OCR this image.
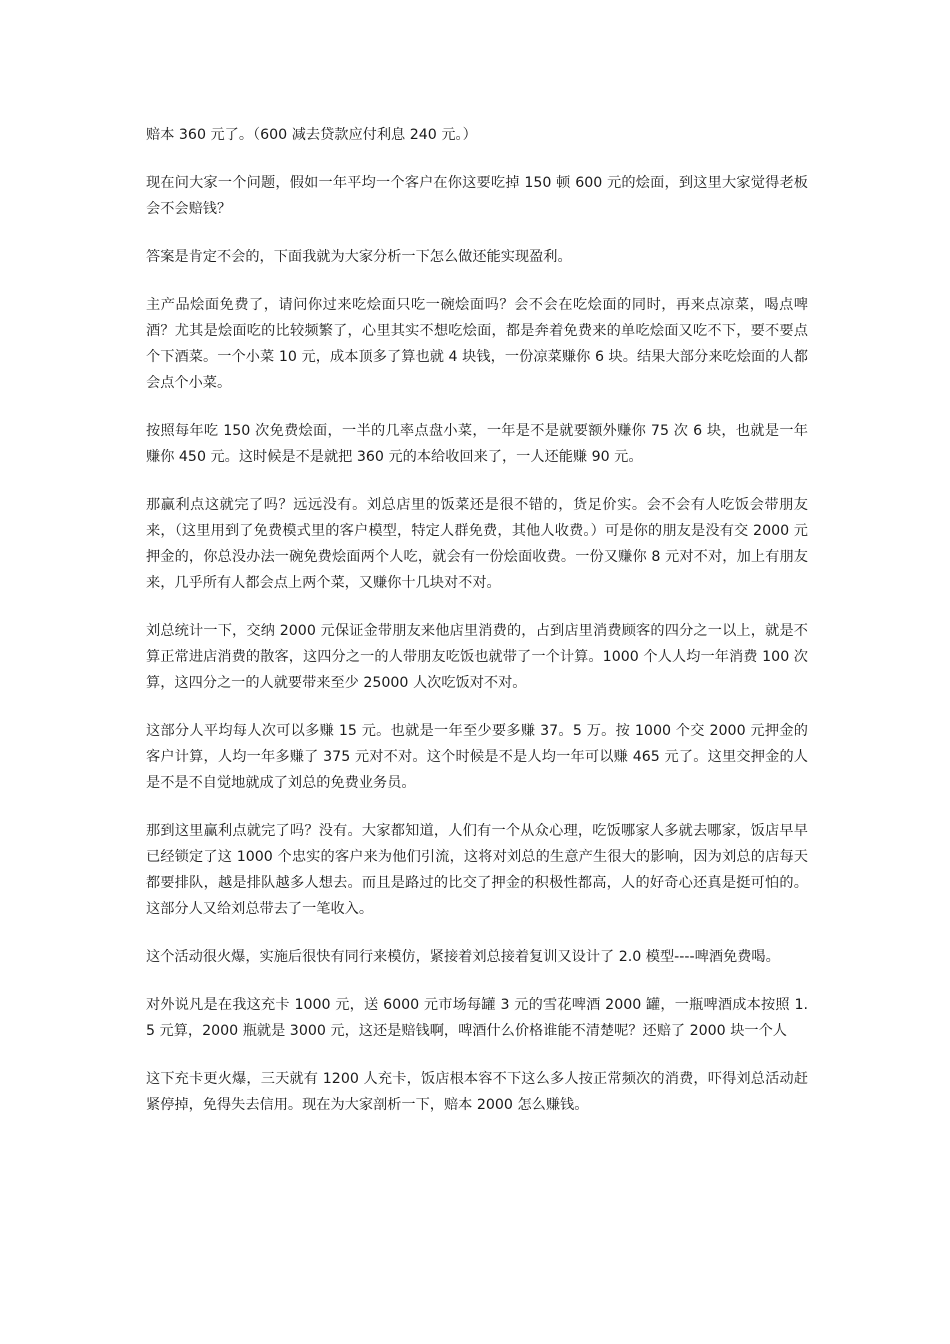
赔本 360 元了。（600 减去贷款应付利息 240 元。）

现在问大家一个问题，假如一年平均一个客户在你这要吃掉 150 顿 600 元的烩面，到这里大家觉得老板会不会赔钱？

答案是肯定不会的，下面我就为大家分析一下怎么做还能实现盈利。

主产品烩面免费了，请问你过来吃烩面只吃一碗烩面吗？会不会在吃烩面的同时，再来点凉菜，喝点啤酒？尤其是烩面吃的比较频繁了，心里其实不想吃烩面，都是奔着免费来的单吃烩面又吃不下，要不要点个下酒菜。一个小菜 10 元，成本顶多了算也就 4 块钱，一份凉菜赚你 6 块。结果大部分来吃烩面的人都会点个小菜。

按照每年吃 150 次免费烩面，一半的几率点盘小菜，一年是不是就要额外赚你 75 次 6 块，也就是一年赚你 450 元。这时候是不是就把 360 元的本给收回来了，一人还能赚 90 元。

那赢利点这就完了吗？远远没有。刘总店里的饭菜还是很不错的，货足价实。会不会有人吃饭会带朋友来，（这里用到了免费模式里的客户模型，特定人群免费，其他人收费。）可是你的朋友是没有交 2000 元押金的，你总没办法一碗免费烩面两个人吃，就会有一份烩面收费。一份又赚你 8 元对不对，加上有朋友来，几乎所有人都会点上两个菜，又赚你十几块对不对。

刘总统计一下，交纳 2000 元保证金带朋友来他店里消费的，占到店里消费顾客的四分之一以上，就是不算正常进店消费的散客，这四分之一的人带朋友吃饭也就带了一个计算。1000 个人人均一年消费 100 次算，这四分之一的人就要带来至少 25000 人次吃饭对不对。

这部分人平均每人次可以多赚 15 元。也就是一年至少要多赚 37。5 万。按 1000 个交 2000 元押金的客户计算，人均一年多赚了 375 元对不对。这个时候是不是人均一年可以赚 465 元了。这里交押金的人是不是不自觉地就成了刘总的免费业务员。

那到这里赢利点就完了吗？没有。大家都知道，人们有一个从众心理，吃饭哪家人多就去哪家，饭店早早已经锁定了这 1000 个忠实的客户来为他们引流，这将对刘总的生意产生很大的影响，因为刘总的店每天都要排队，越是排队越多人想去。而且是路过的比交了押金的积极性都高，人的好奇心还真是挺可怕的。这部分人又给刘总带去了一笔收入。

这个活动很火爆，实施后很快有同行来模仿，紧接着刘总接着复训又设计了 2.0 模型----啤酒免费喝。

对外说凡是在我这充卡 1000 元，送 6000 元市场每罐 3 元的雪花啤酒 2000 罐，一瓶啤酒成本按照 1.5 元算，2000 瓶就是 3000 元，这还是赔钱啊，啤酒什么价格谁能不清楚呢？还赔了 2000 块一个人

这下充卡更火爆，三天就有 1200 人充卡，饭店根本容不下这么多人按正常频次的消费，吓得刘总活动赶紧停掉，免得失去信用。现在为大家剖析一下，赔本 2000 怎么赚钱。
